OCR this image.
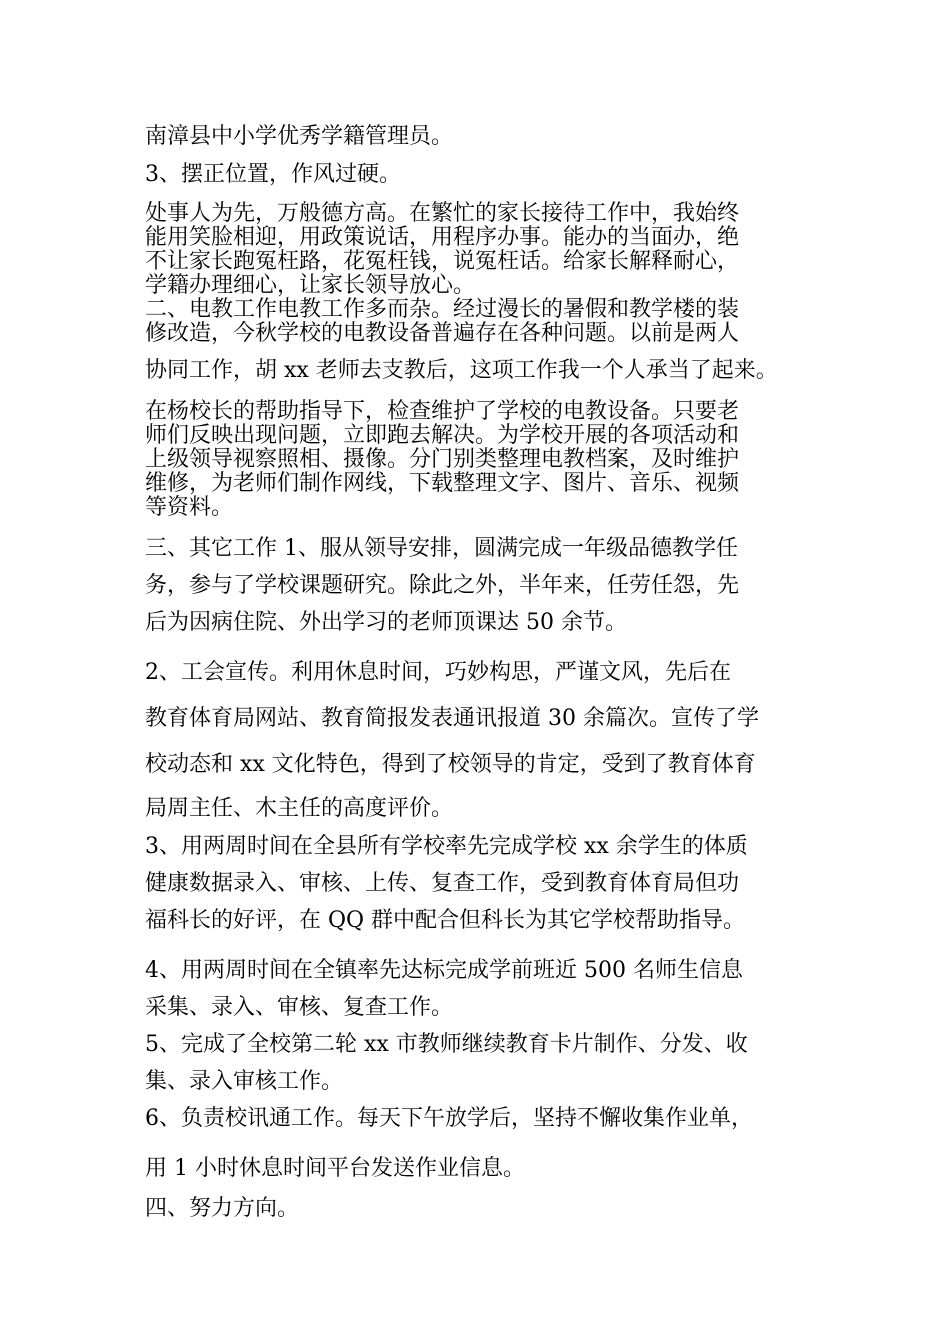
南漳县中小学优秀学籍管理员。

3、摆正位置，作风过硬。

处事人为先，万般德方高。在繁忙的家长接待工作中，我始终
能用笑脸相迎，用政策说话，用程序办事。能办的当面办，绝
不让家长跑冤枉路，花冤枉钱，说冤枉话。给家长解释耐心，
学籍办理细心，让家长领导放心。

二、电教工作电教工作多而杂。经过漫长的暑假和教学楼的装
修改造，今秋学校的电教设备普遍存在各种问题。以前是两人

协同工作，胡 xx 老师去支教后，这项工作我一个人承当了起来。

在杨校长的帮助指导下，检查维护了学校的电教设备。只要老
师们反映出现问题，立即跑去解决。为学校开展的各项活动和
上级领导视察照相、摄像。分门别类整理电教档案，及时维护
维修，为老师们制作网线，下载整理文字、图片、音乐、视频
等资料。

三、其它工作 1、服从领导安排，圆满完成一年级品德教学任
务，参与了学校课题研究。除此之外，半年来，任劳任怨，先
后为因病住院、外出学习的老师顶课达 50 余节。

2、工会宣传。利用休息时间，巧妙构思，严谨文风，先后在
教育体育局网站、教育简报发表通讯报道 30 余篇次。宣传了学
校动态和 xx 文化特色，得到了校领导的肯定，受到了教育体育

局周主任、木主任的高度评价。

3、用两周时间在全县所有学校率先完成学校 xx 余学生的体质
健康数据录入、审核、上传、复查工作，受到教育体育局但功
福科长的好评，在 QQ 群中配合但科长为其它学校帮助指导。

4、用两周时间在全镇率先达标完成学前班近 500 名师生信息
采集、录入、审核、复查工作。

5、完成了全校第二轮 xx 市教师继续教育卡片制作、分发、收
集、录入审核工作。

6、负责校讯通工作。每天下午放学后，坚持不懈收集作业单，

用 1 小时休息时间平台发送作业信息。

四、努力方向。
